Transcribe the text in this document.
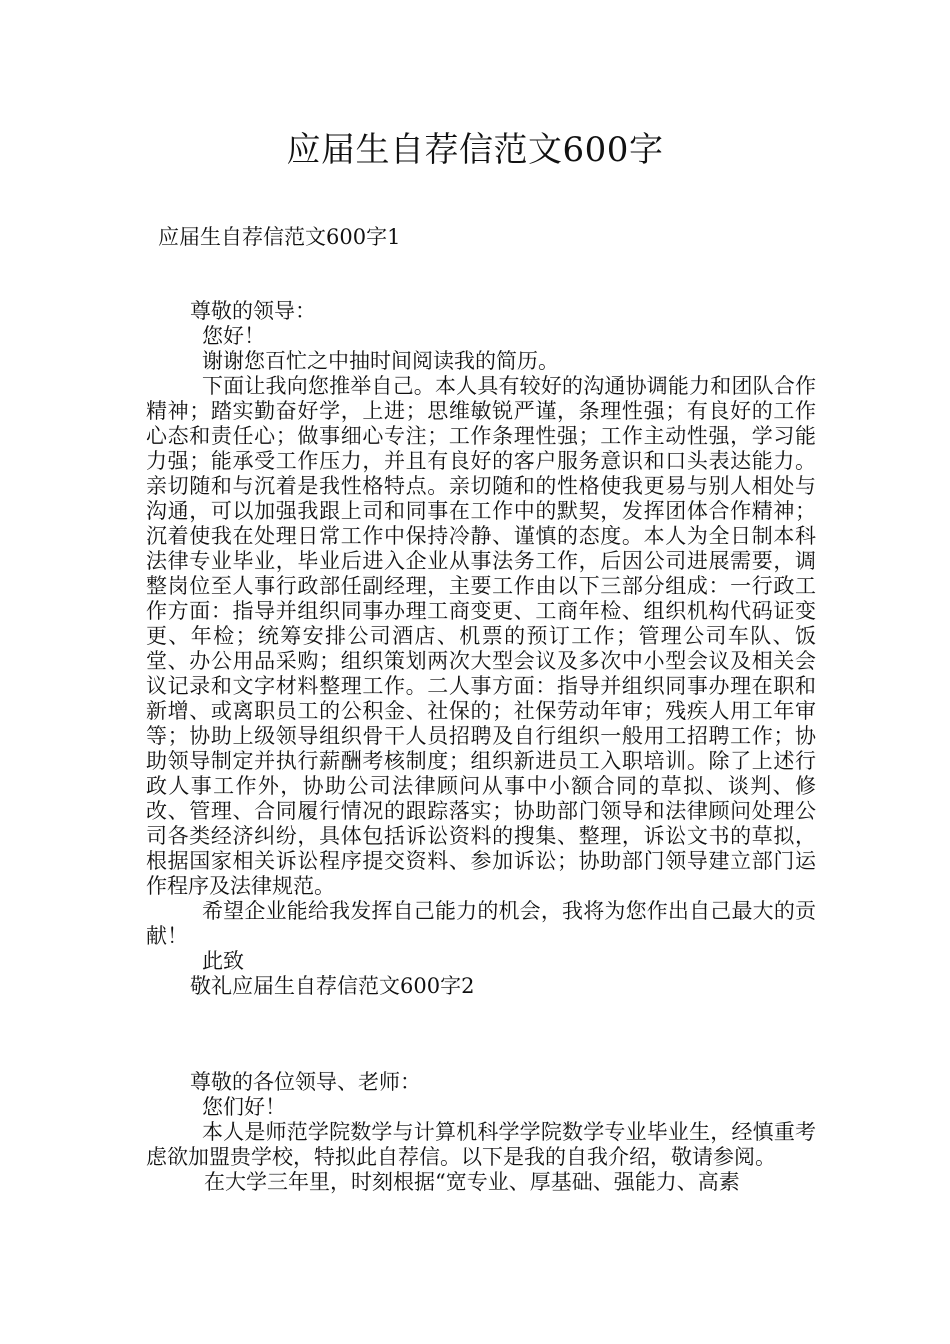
应届生自荐信范文600字
应届生自荐信范文600字1

尊敬的领导：

您好！

谢谢您百忙之中抽时间阅读我的简历。

下面让我向您推举自己。本人具有较好的沟通协调能力和团队合作精神；踏实勤奋好学，上进；思维敏锐严谨，条理性强；有良好的工作心态和责任心；做事细心专注；工作条理性强；工作主动性强，学习能力强；能承受工作压力，并且有良好的客户服务意识和口头表达能力。亲切随和与沉着是我性格特点。亲切随和的性格使我更易与别人相处与沟通，可以加强我跟上司和同事在工作中的默契，发挥团体合作精神；沉着使我在处理日常工作中保持冷静、谨慎的态度。本人为全日制本科法律专业毕业，毕业后进入企业从事法务工作，后因公司进展需要，调整岗位至人事行政部任副经理，主要工作由以下三部分组成：一行政工作方面：指导并组织同事办理工商变更、工商年检、组织机构代码证变更、年检；统筹安排公司酒店、机票的预订工作；管理公司车队、饭堂、办公用品采购；组织策划两次大型会议及多次中小型会议及相关会议记录和文字材料整理工作。二人事方面：指导并组织同事办理在职和新增、或离职员工的公积金、社保的；社保劳动年审；残疾人用工年审等；协助上级领导组织骨干人员招聘及自行组织一般用工招聘工作；协助领导制定并执行薪酬考核制度；组织新进员工入职培训。除了上述行政人事工作外，协助公司法律顾问从事中小额合同的草拟、谈判、修改、管理、合同履行情况的跟踪落实；协助部门领导和法律顾问处理公司各类经济纠纷，具体包括诉讼资料的搜集、整理，诉讼文书的草拟，根据国家相关诉讼程序提交资料、参加诉讼；协助部门领导建立部门运作程序及法律规范。

希望企业能给我发挥自己能力的机会，我将为您作出自己最大的贡献！

此致

敬礼应届生自荐信范文600字2

尊敬的各位领导、老师：

您们好！

本人是师范学院数学与计算机科学学院数学专业毕业生，经慎重考虑欲加盟贵学校，特拟此自荐信。以下是我的自我介绍，敬请参阅。

在大学三年里，时刻根据“宽专业、厚基础、强能力、高素
